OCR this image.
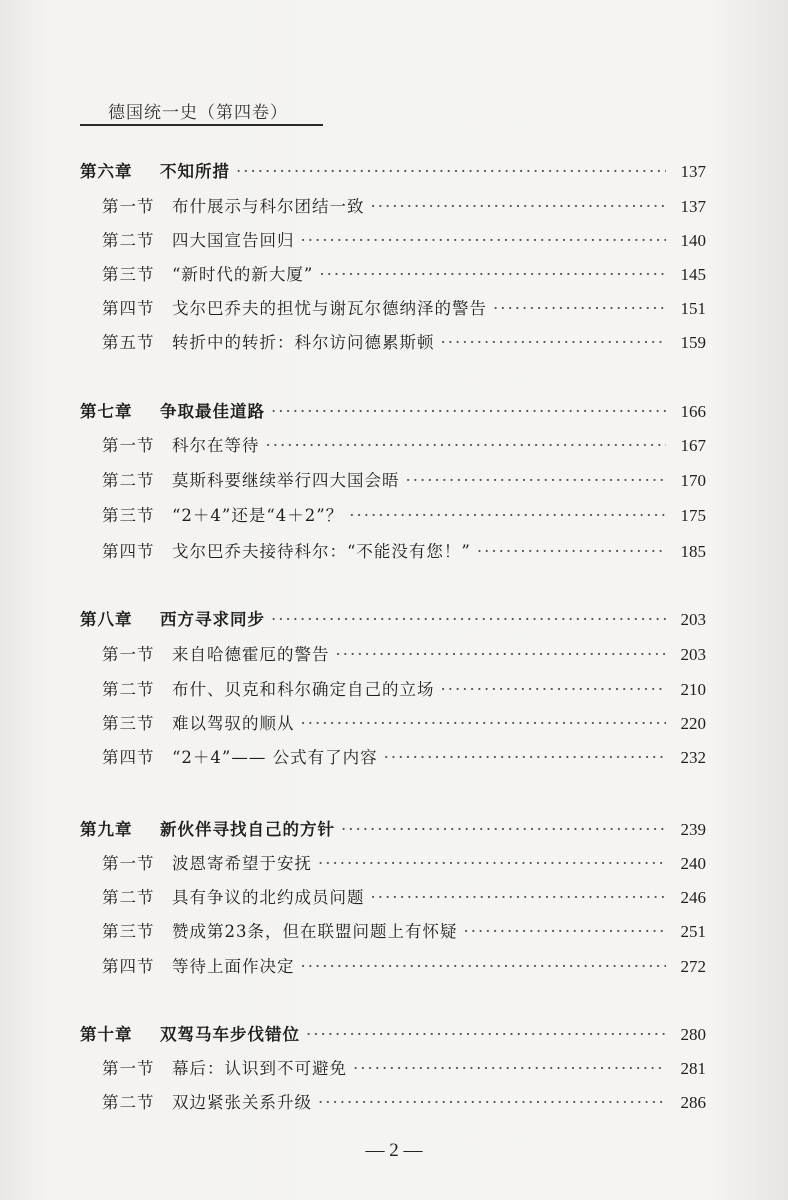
德国统一史（第四卷）
第六章	不知所措 ·····	137
第一节	布什展示与科尔团结一致 ·····	137
第二节	四大国宣告回归 ·····	140
第三节	“新时代的新大厦” ·····	145
第四节	戈尔巴乔夫的担忧与谢瓦尔德纳泽的警告 ·····	151
第五节	转折中的转折：科尔访问德累斯顿 ·····	159
第七章	争取最佳道路 ·····	166
第一节	科尔在等待 ·····	167
第二节	莫斯科要继续举行四大国会晤 ·····	170
第三节	“2＋4”还是“4＋2”？ ·····	175
第四节	戈尔巴乔夫接待科尔：“不能没有您！” ·····	185
第八章	西方寻求同步 ·····	203
第一节	来自哈德霍厄的警告 ·····	203
第二节	布什、贝克和科尔确定自己的立场 ·····	210
第三节	难以驾驭的顺从 ·····	220
第四节	“2＋4”—— 公式有了内容 ·····	232
第九章	新伙伴寻找自己的方针 ·····	239
第一节	波恩寄希望于安抚 ·····	240
第二节	具有争议的北约成员问题 ·····	246
第三节	赞成第23条，但在联盟问题上有怀疑 ·····	251
第四节	等待上面作决定 ·····	272
第十章	双驾马车步伐错位 ·····	280
第一节	幕后：认识到不可避免 ·····	281
第二节	双边紧张关系升级 ·····	286
— 2 —
